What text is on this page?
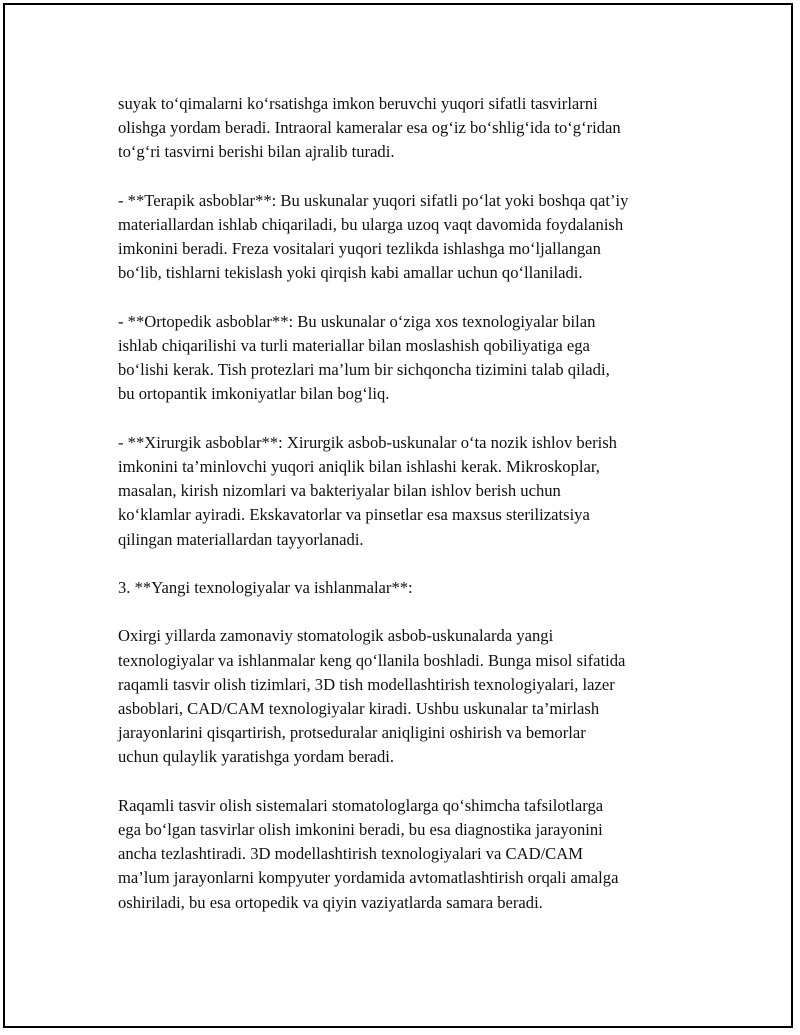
suyak to‘qimalarni ko‘rsatishga imkon beruvchi yuqori sifatli tasvirlarni
olishga yordam beradi. Intraoral kameralar esa og‘iz bo‘shlig‘ida to‘g‘ridan
to‘g‘ri tasvirni berishi bilan ajralib turadi.
- **Terapik asboblar**: Bu uskunalar yuqori sifatli po‘lat yoki boshqa qat’iy
materiallardan ishlab chiqariladi, bu ularga uzoq vaqt davomida foydalanish
imkonini beradi. Freza vositalari yuqori tezlikda ishlashga mo‘ljallangan
bo‘lib, tishlarni tekislash yoki qirqish kabi amallar uchun qo‘llaniladi.
- **Ortopedik asboblar**: Bu uskunalar o‘ziga xos texnologiyalar bilan
ishlab chiqarilishi va turli materiallar bilan moslashish qobiliyatiga ega
bo‘lishi kerak. Tish protezlari ma’lum bir sichqoncha tizimini talab qiladi,
bu ortopantik imkoniyatlar bilan bog‘liq.
- **Xirurgik asboblar**: Xirurgik asbob-uskunalar o‘ta nozik ishlov berish
imkonini ta’minlovchi yuqori aniqlik bilan ishlashi kerak. Mikroskoplar,
masalan, kirish nizomlari va bakteriyalar bilan ishlov berish uchun
ko‘klamlar ayiradi. Ekskavatorlar va pinsetlar esa maxsus sterilizatsiya
qilingan materiallardan tayyorlanadi.
3. **Yangi texnologiyalar va ishlanmalar**:
Oxirgi yillarda zamonaviy stomatologik asbob-uskunalarda yangi
texnologiyalar va ishlanmalar keng qo‘llanila boshladi. Bunga misol sifatida
raqamli tasvir olish tizimlari, 3D tish modellashtirish texnologiyalari, lazer
asboblari, CAD/CAM texnologiyalar kiradi. Ushbu uskunalar ta’mirlash
jarayonlarini qisqartirish, protseduralar aniqligini oshirish va bemorlar
uchun qulaylik yaratishga yordam beradi.
Raqamli tasvir olish sistemalari stomatologlarga qo‘shimcha tafsilotlarga
ega bo‘lgan tasvirlar olish imkonini beradi, bu esa diagnostika jarayonini
ancha tezlashtiradi. 3D modellashtirish texnologiyalari va CAD/CAM
ma’lum jarayonlarni kompyuter yordamida avtomatlashtirish orqali amalga
oshiriladi, bu esa ortopedik va qiyin vaziyatlarda samara beradi.
